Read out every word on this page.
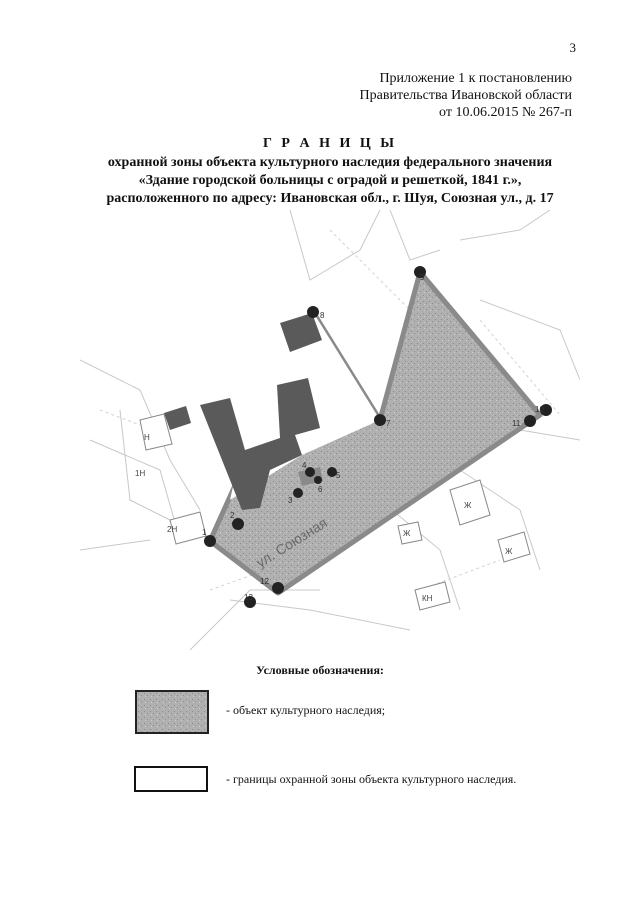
3
Приложение 1 к постановлению
Правительства Ивановской области
от 10.06.2015 № 267-п
Г Р А Н И Ц Ы
охранной зоны объекта культурного наследия федерального значения
«Здание городской больницы с оградой и решеткой, 1841 г.»,
расположенного по адресу: Ивановская обл., г. Шуя, Союзная ул., д. 17
Н
2Н
1Н
Ж
Ж
Ж
КН
ул. Союзная
1
2
3
4
5
6
7
8
9
10
11
12
13
Условные обозначения:
- объект культурного наследия;
- границы охранной зоны объекта культурного наследия.
